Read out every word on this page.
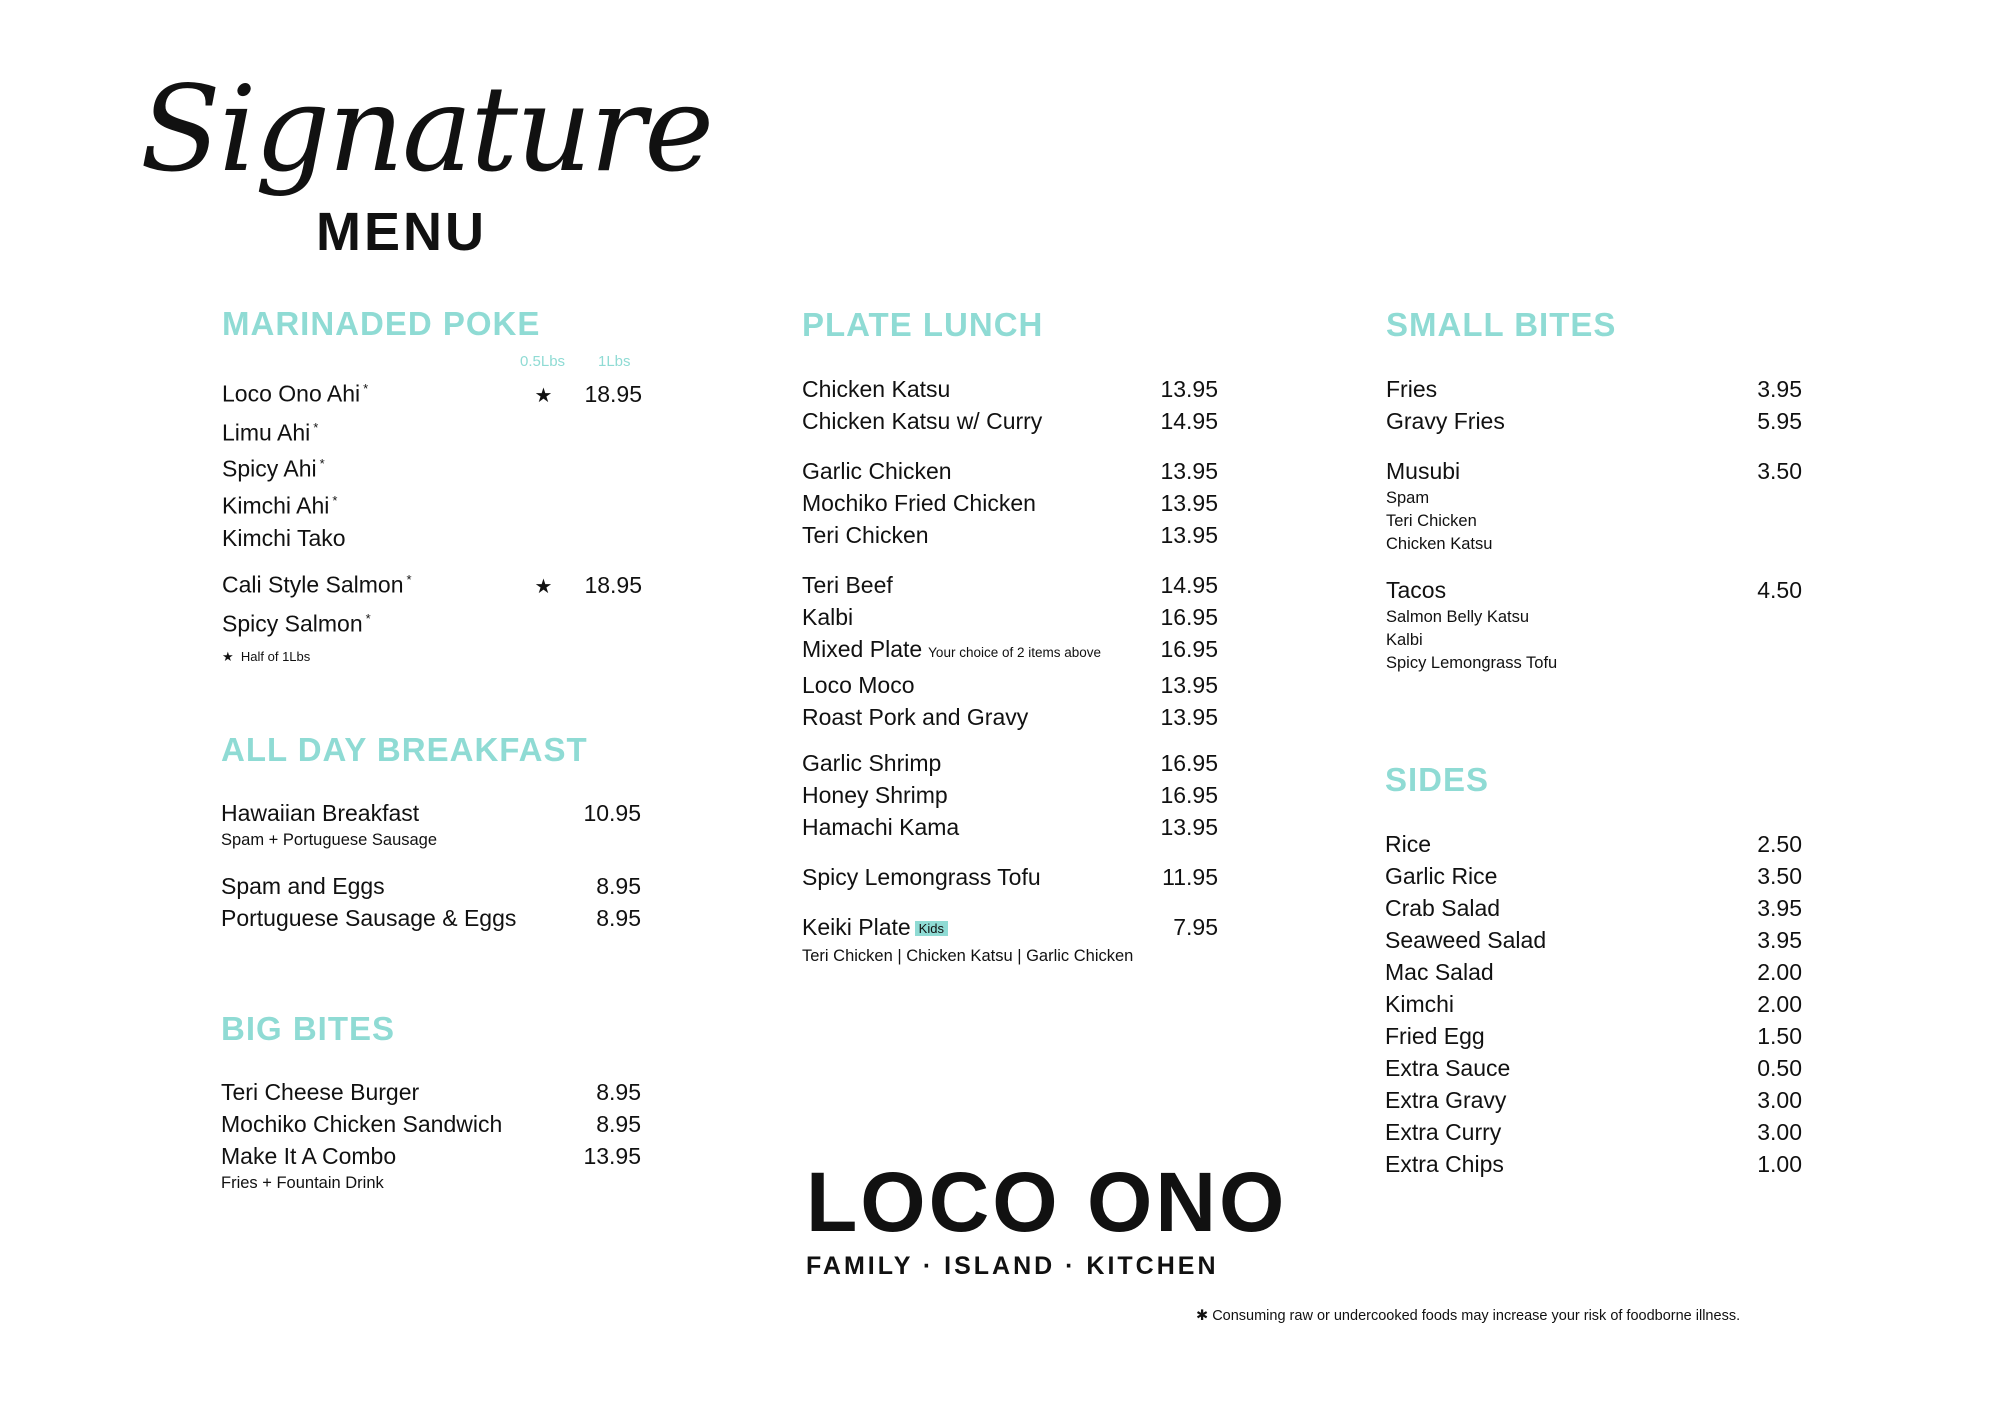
Signature
MENU
MARINADED POKE
0.5Lbs 1Lbs
Loco Ono Ahi *	★ 18.95
Limu Ahi *
Spicy Ahi *
Kimchi Ahi *
Kimchi Tako
Cali Style Salmon *	★ 18.95
Spicy Salmon *
★ Half of 1Lbs
ALL DAY BREAKFAST
Hawaiian Breakfast	10.95
Spam + Portuguese Sausage
Spam and Eggs	8.95
Portuguese Sausage & Eggs	8.95
BIG BITES
Teri Cheese Burger	8.95
Mochiko Chicken Sandwich	8.95
Make It A Combo	13.95
Fries + Fountain Drink
PLATE LUNCH
Chicken Katsu	13.95
Chicken Katsu w/ Curry	14.95
Garlic Chicken	13.95
Mochiko Fried Chicken	13.95
Teri Chicken	13.95
Teri Beef	14.95
Kalbi	16.95
Mixed Plate Your choice of 2 items above	16.95
Loco Moco	13.95
Roast Pork and Gravy	13.95
Garlic Shrimp	16.95
Honey Shrimp	16.95
Hamachi Kama	13.95
Spicy Lemongrass Tofu	11.95
Keiki Plate Kids	7.95
Teri Chicken | Chicken Katsu | Garlic Chicken
SMALL BITES
Fries	3.95
Gravy Fries	5.95
Musubi	3.50
Spam
Teri Chicken
Chicken Katsu
Tacos	4.50
Salmon Belly Katsu
Kalbi
Spicy Lemongrass Tofu
SIDES
Rice	2.50
Garlic Rice	3.50
Crab Salad	3.95
Seaweed Salad	3.95
Mac Salad	2.00
Kimchi	2.00
Fried Egg	1.50
Extra Sauce	0.50
Extra Gravy	3.00
Extra Curry	3.00
Extra Chips	1.00
LOCO ONO
FAMILY · ISLAND · KITCHEN
✱ Consuming raw or undercooked foods may increase your risk of foodborne illness.
